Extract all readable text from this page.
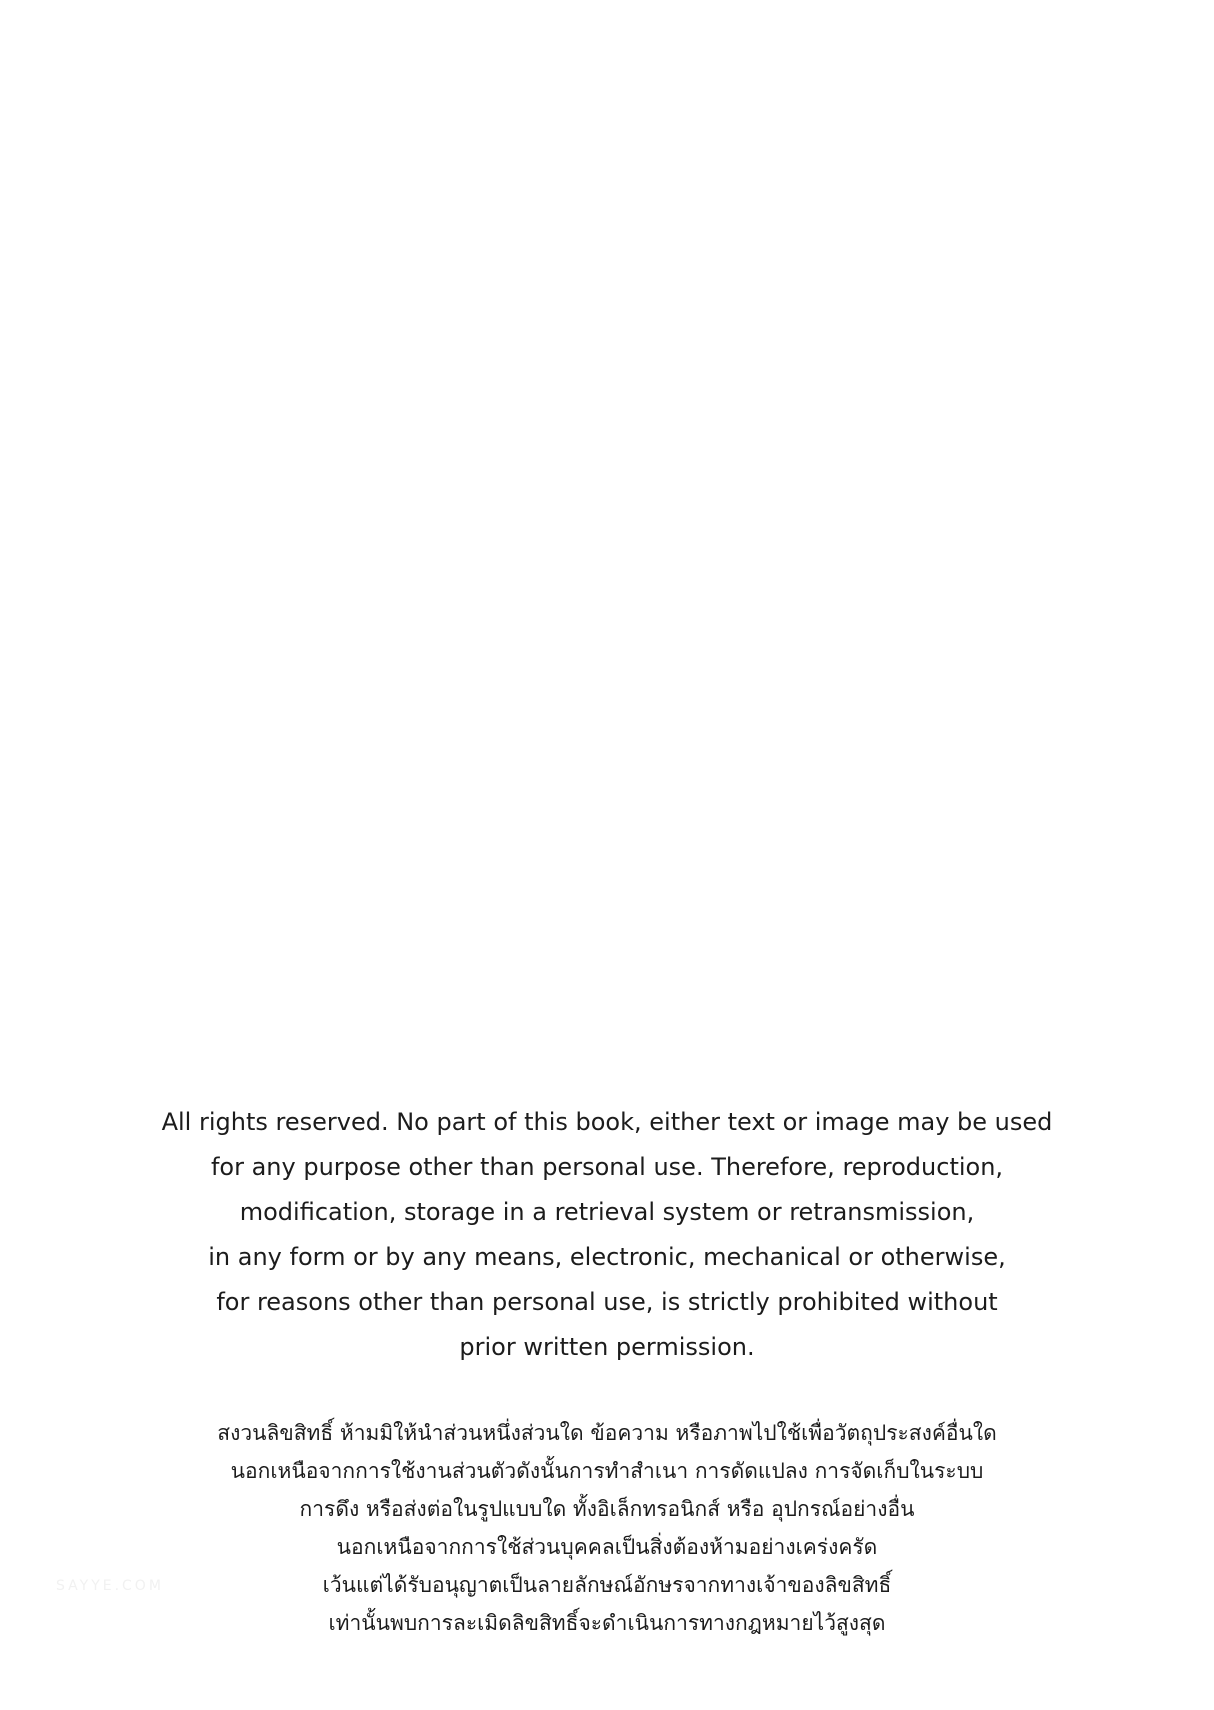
All rights reserved. No part of this book, either text or image may be used
for any purpose other than personal use. Therefore, reproduction,
modification, storage in a retrieval system or retransmission,
in any form or by any means, electronic, mechanical or otherwise,
for reasons other than personal use, is strictly prohibited without
prior written permission.
SAYYE.COM
สงวนลิขสิทธิ์ ห้ามมิให้นำส่วนหนึ่งส่วนใด ข้อความ หรือภาพไปใช้เพื่อวัตถุประสงค์อื่นใด
นอกเหนือจากการใช้งานส่วนตัวดังนั้นการทำสำเนา การดัดแปลง การจัดเก็บในระบบ
การดึง หรือส่งต่อในรูปแบบใด ทั้งอิเล็กทรอนิกส์ หรือ อุปกรณ์อย่างอื่น
นอกเหนือจากการใช้ส่วนบุคคลเป็นสิ่งต้องห้ามอย่างเคร่งครัด
เว้นแต่ได้รับอนุญาตเป็นลายลักษณ์อักษรจากทางเจ้าของลิขสิทธิ์
เท่านั้นพบการละเมิดลิขสิทธิ์จะดำเนินการทางกฎหมายไว้สูงสุด
